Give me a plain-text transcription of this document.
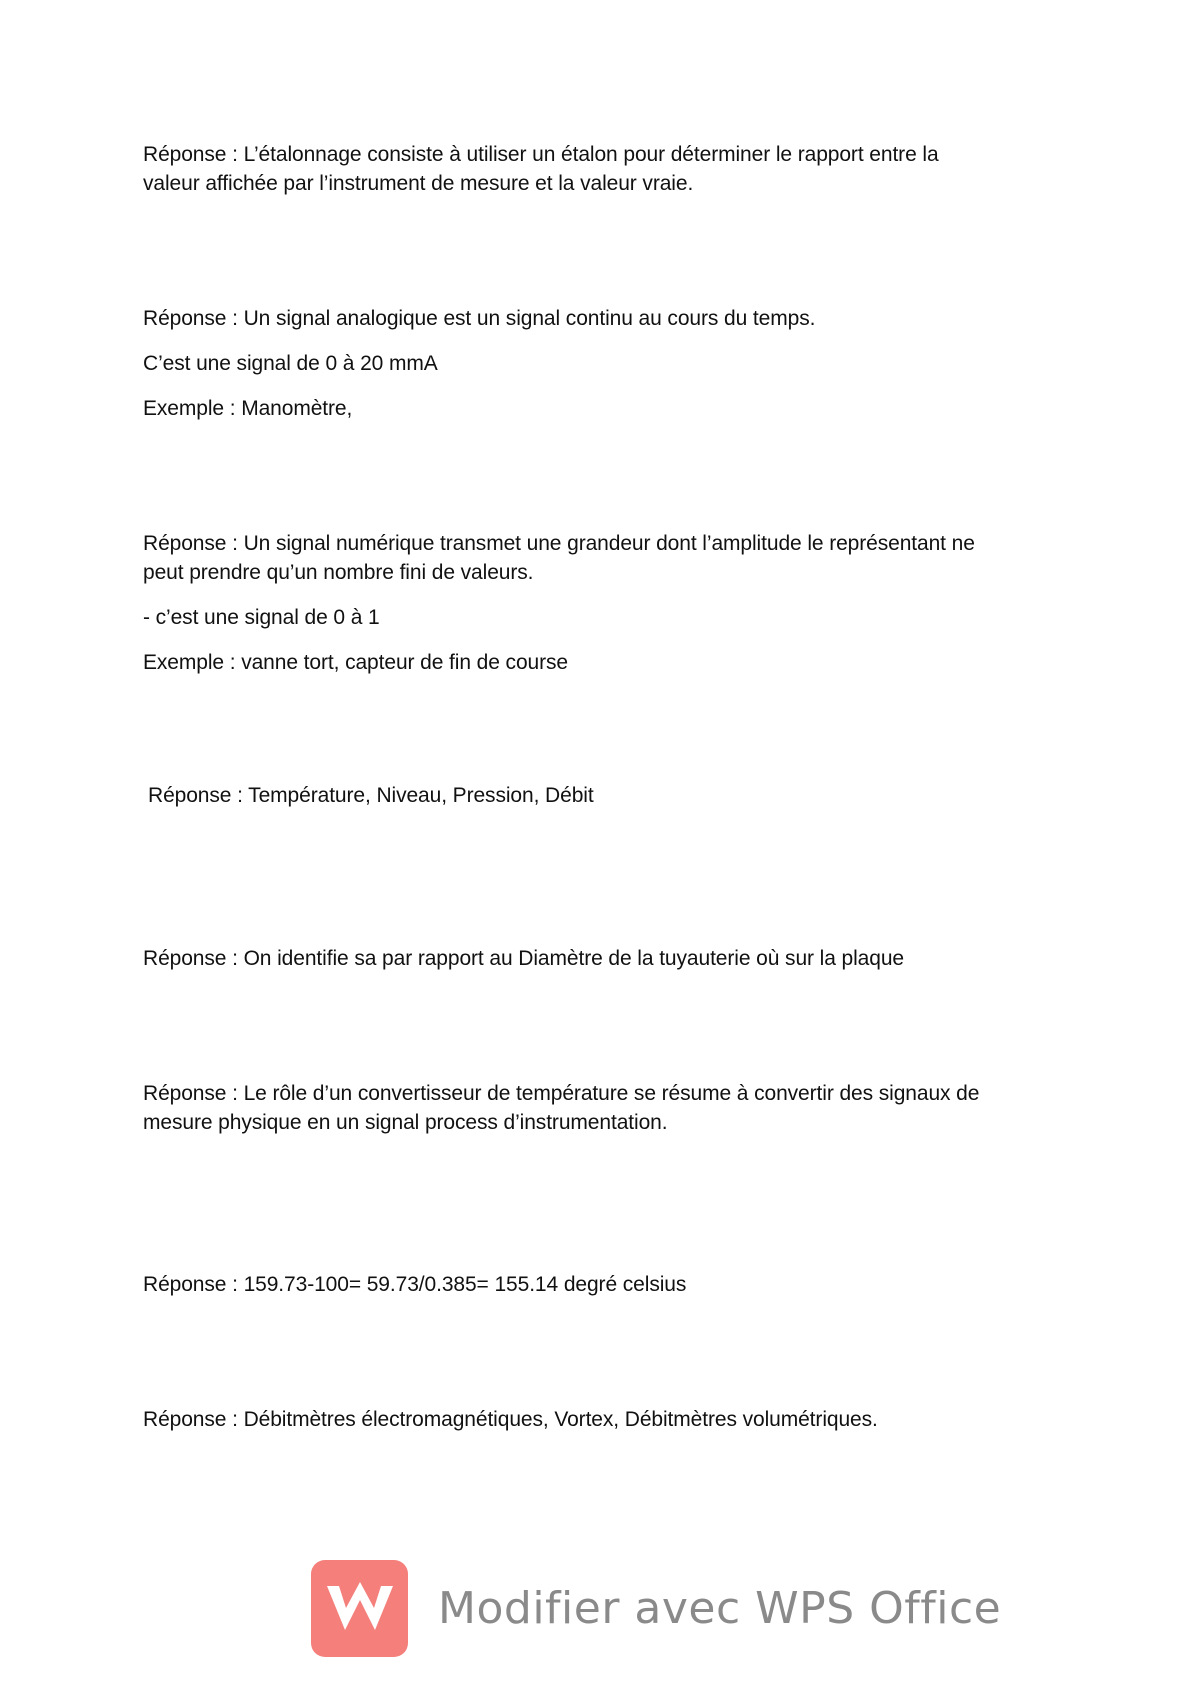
Réponse : L’étalonnage consiste à utiliser un étalon pour déterminer le rapport entre la

valeur affichée par l’instrument de mesure et la valeur vraie.

Réponse : Un signal analogique est un signal continu au cours du temps.

C’est une signal de 0 à 20 mmA

Exemple : Manomètre,

Réponse : Un signal numérique transmet une grandeur dont l’amplitude le représentant ne

peut prendre qu’un nombre fini de valeurs.

- c’est une signal de 0 à 1

Exemple : vanne tort, capteur de fin de course

Réponse : Température, Niveau, Pression, Débit

Réponse : On identifie sa par rapport au Diamètre de la tuyauterie où sur la plaque

Réponse : Le rôle d’un convertisseur de température se résume à convertir des signaux de

mesure physique en un signal process d’instrumentation.

Réponse : 159.73-100= 59.73/0.385= 155.14 degré celsius

Réponse : Débitmètres électromagnétiques, Vortex, Débitmètres volumétriques.

Modifier avec WPS Office
